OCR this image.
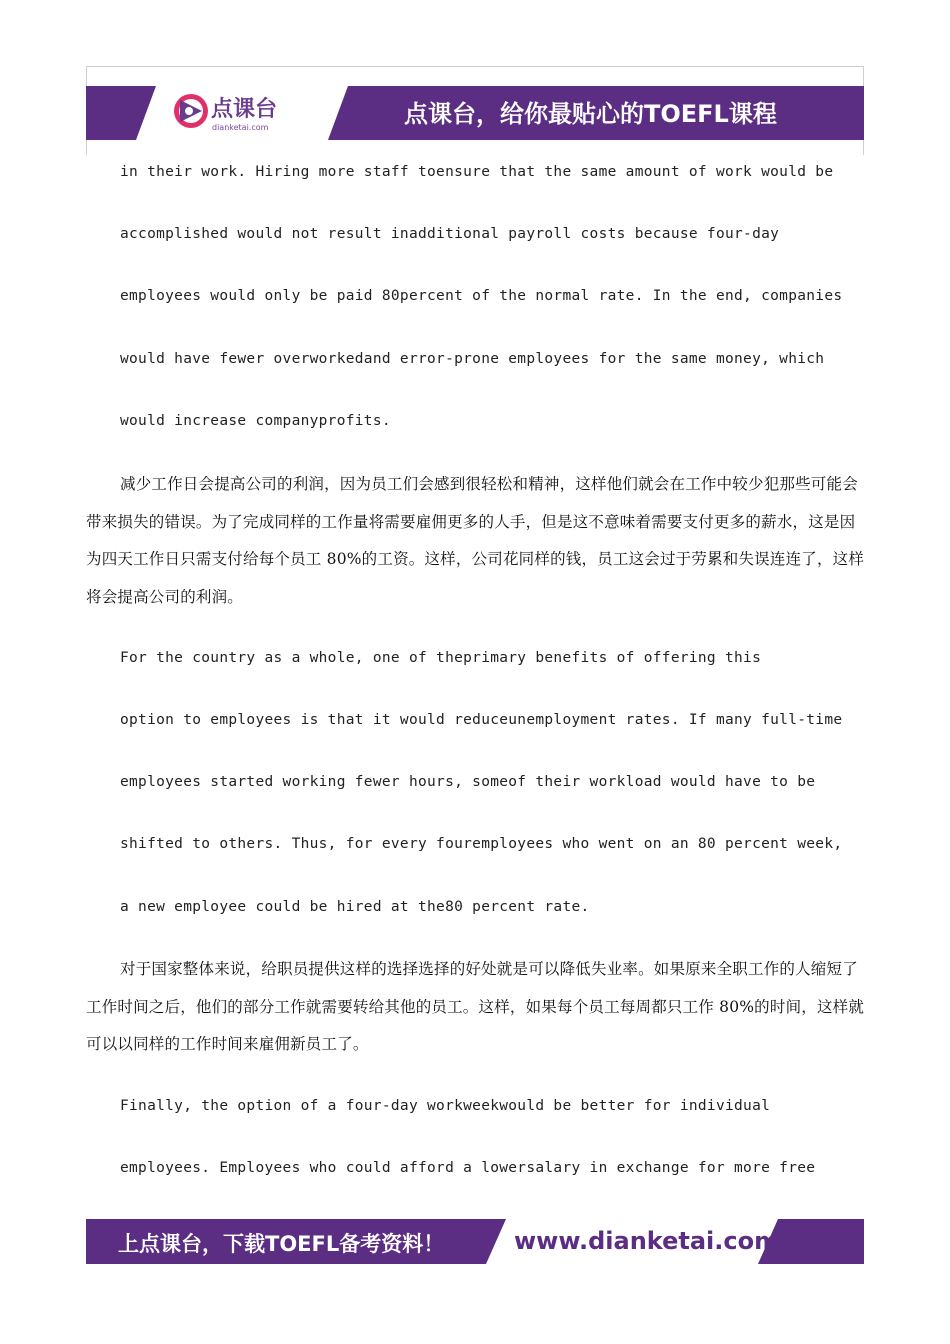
点课台
dianketai.com	点课台，给你最贴心的TOEFL课程

in their work. Hiring more staff toensure that the same amount of work would be

accomplished would not result inadditional payroll costs because four-day

employees would only be paid 80percent of the normal rate. In the end, companies

would have fewer overworkedand error-prone employees for the same money, which

would increase companyprofits.

减少工作日会提高公司的利润，因为员工们会感到很轻松和精神，这样他们就会在工作中较少犯那些可能会带来损失的错误。为了完成同样的工作量将需要雇佣更多的人手，但是这不意味着需要支付更多的薪水，这是因为四天工作日只需支付给每个员工 80%的工资。这样，公司花同样的钱，员工这会过于劳累和失误连连了，这样将会提高公司的利润。

For the country as a whole, one of theprimary benefits of offering this

option to employees is that it would reduceunemployment rates. If many full-time

employees started working fewer hours, someof their workload would have to be

shifted to others. Thus, for every fouremployees who went on an 80 percent week,

a new employee could be hired at the80 percent rate.

对于国家整体来说，给职员提供这样的选择选择的好处就是可以降低失业率。如果原来全职工作的人缩短了工作时间之后，他们的部分工作就需要转给其他的员工。这样，如果每个员工每周都只工作 80%的时间，这样就可以以同样的工作时间来雇佣新员工了。

Finally, the option of a four-day workweekwould be better for individual

employees. Employees who could afford a lowersalary in exchange for more free

上点课台，下载TOEFL备考资料！	www.dianketai.com
